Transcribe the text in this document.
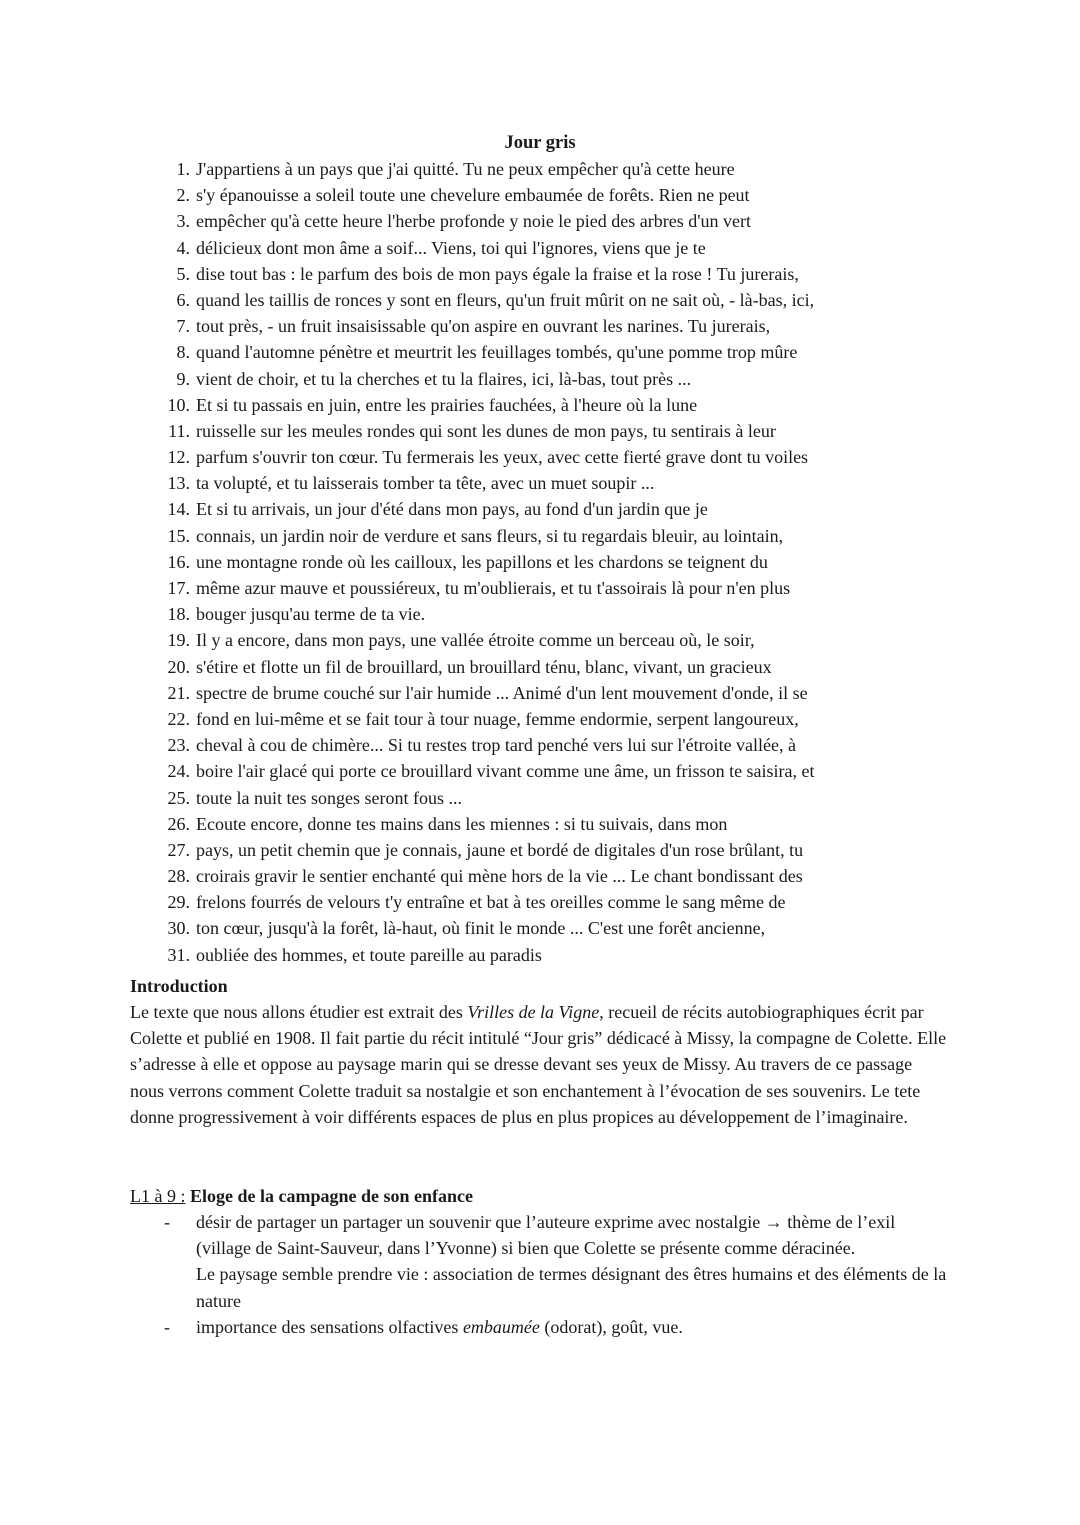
Jour gris
1. J'appartiens à un pays que j'ai quitté. Tu ne peux empêcher qu'à cette heure
2. s'y épanouisse a soleil toute une chevelure embaumée de forêts. Rien ne peut
3. empêcher qu'à cette heure l'herbe profonde y noie le pied des arbres d'un vert
4. délicieux dont mon âme a soif... Viens, toi qui l'ignores, viens que je te
5. dise tout bas : le parfum des bois de mon pays égale la fraise et la rose ! Tu jurerais,
6. quand les taillis de ronces y sont en fleurs, qu'un fruit mûrit on ne sait où, - là-bas, ici,
7. tout près, - un fruit insaisissable qu'on aspire en ouvrant les narines. Tu jurerais,
8. quand l'automne pénètre et meurtrit les feuillages tombés, qu'une pomme trop mûre
9. vient de choir, et tu la cherches et tu la flaires, ici, là-bas, tout près ...
10. Et si tu passais en juin, entre les prairies fauchées, à l'heure où la lune
11. ruisselle sur les meules rondes qui sont les dunes de mon pays, tu sentirais à leur
12. parfum s'ouvrir ton cœur. Tu fermerais les yeux, avec cette fierté grave dont tu voiles
13. ta volupté, et tu laisserais tomber ta tête, avec un muet soupir ...
14. Et si tu arrivais, un jour d'été dans mon pays, au fond d'un jardin que je
15. connais, un jardin noir de verdure et sans fleurs, si tu regardais bleuir, au lointain,
16. une montagne ronde où les cailloux, les papillons et les chardons se teignent du
17. même azur mauve et poussiéreux, tu m'oublierais, et tu t'assoirais là pour n'en plus
18. bouger jusqu'au terme de ta vie.
19. Il y a encore, dans mon pays, une vallée étroite comme un berceau où, le soir,
20. s'étire et flotte un fil de brouillard, un brouillard ténu, blanc, vivant, un gracieux
21. spectre de brume couché sur l'air humide ... Animé d'un lent mouvement d'onde, il se
22. fond en lui-même et se fait tour à tour nuage, femme endormie, serpent langoureux,
23. cheval à cou de chimère... Si tu restes trop tard penché vers lui sur l'étroite vallée, à
24. boire l'air glacé qui porte ce brouillard vivant comme une âme, un frisson te saisira, et
25. toute la nuit tes songes seront fous ...
26. Ecoute encore, donne tes mains dans les miennes : si tu suivais, dans mon
27. pays, un petit chemin que je connais, jaune et bordé de digitales d'un rose brûlant, tu
28. croirais gravir le sentier enchanté qui mène hors de la vie ... Le chant bondissant des
29. frelons fourrés de velours t'y entraîne et bat à tes oreilles comme le sang même de
30. ton cœur, jusqu'à la forêt, là-haut, où finit le monde ... C'est une forêt ancienne,
31. oubliée des hommes, et toute pareille au paradis
Introduction

Le texte que nous allons étudier est extrait des Vrilles de la Vigne, recueil de récits autobiographiques écrit par Colette et publié en 1908. Il fait partie du récit intitulé “Jour gris” dédicacé à Missy, la compagne de Colette. Elle s’adresse à elle et oppose au paysage marin qui se dresse devant ses yeux de Missy. Au travers de ce passage nous verrons comment Colette traduit sa nostalgie et son enchantement à l’évocation de ses souvenirs. Le tete donne progressivement à voir différents espaces de plus en plus propices au développement de l’imaginaire.

L1 à 9 : Eloge de la campagne de son enfance

- désir de partager un partager un souvenir que l’auteure exprime avec nostalgie → thème de l’exil (village de Saint-Sauveur, dans l’Yvonne) si bien que Colette se présente comme déracinée.

Le paysage semble prendre vie : association de termes désignant des êtres humains et des éléments de la nature

- importance des sensations olfactives embaumée (odorat), goût, vue.
